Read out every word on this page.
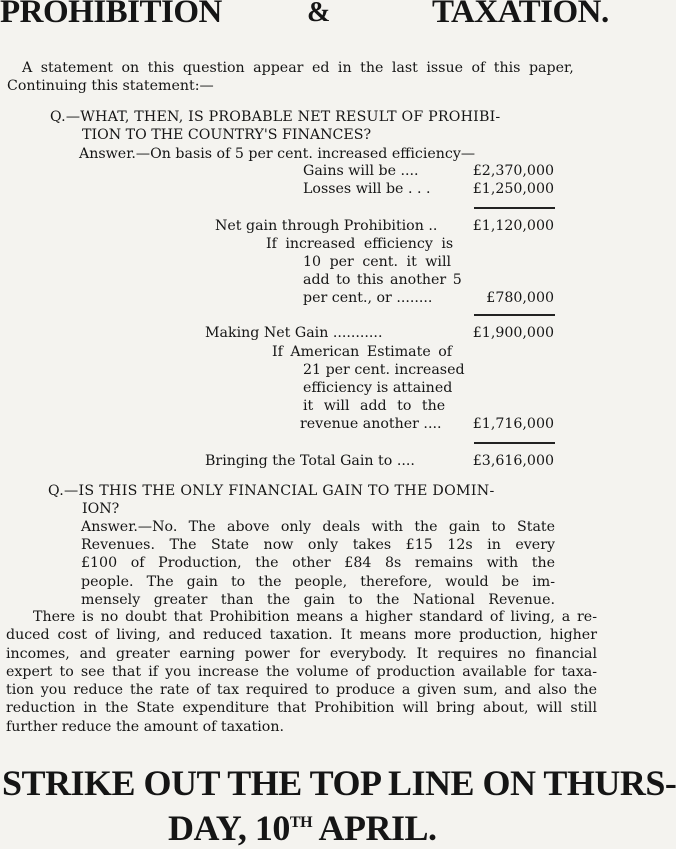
PROHIBITION	&	TAXATION.
A statement on this question appear ed in the last issue of this paper,
Continuing this statement:—
Q.—WHAT, THEN, IS PROBABLE NET RESULT OF PROHIBI-
TION TO THE COUNTRY'S FINANCES?
Answer.—On basis of 5 per cent. increased efficiency—
Gains will be ....	£2,370,000
Losses will be . . .	£1,250,000
Net gain through Prohibition .. £1,120,000
If increased efficiency is
10 per cent. it will
add to this another 5
per cent., or ........	£780,000
Making Net Gain ...........	£1,900,000
If American Estimate of
21 per cent. increased
efficiency is attained
it will add to the
revenue another .... £1,716,000
Bringing the Total Gain to ....	£3,616,000
Q.—IS THIS THE ONLY FINANCIAL GAIN TO THE DOMIN-
ION?
Answer.—No. The above only deals with the gain to State
Revenues. The State now only takes £15 12s in every
£100 of Production, the other £84 8s remains with the
people. The gain to the people, therefore, would be im-
mensely greater than the gain to the National Revenue.
There is no doubt that Prohibition means a higher standard of living, a re-
duced cost of living, and reduced taxation. It means more production, higher
incomes, and greater earning power for everybody. It requires no financial
expert to see that if you increase the volume of production available for taxa-
tion you reduce the rate of tax required to produce a given sum, and also the
reduction in the State expenditure that Prohibition will bring about, will still
further reduce the amount of taxation.
STRIKE OUT THE TOP LINE ON THURS-
DAY, 10TH APRIL.
